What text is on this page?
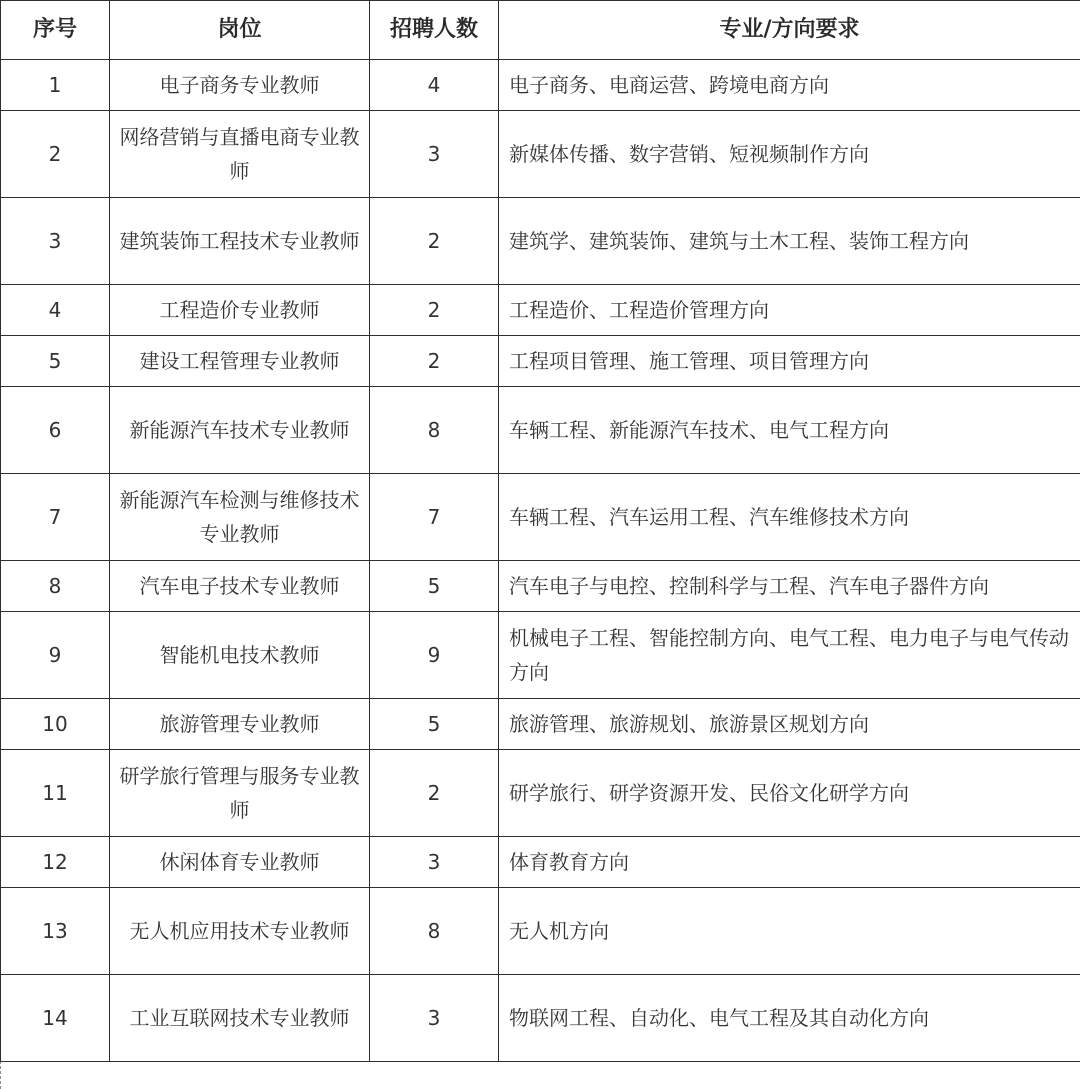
序号	岗位	招聘人数	专业/方向要求
1	电子商务专业教师	4	电子商务、电商运营、跨境电商方向
2	网络营销与直播电商专业教师	3	新媒体传播、数字营销、短视频制作方向
3	建筑装饰工程技术专业教师	2	建筑学、建筑装饰、建筑与土木工程、装饰工程方向
4	工程造价专业教师	2	工程造价、工程造价管理方向
5	建设工程管理专业教师	2	工程项目管理、施工管理、项目管理方向
6	新能源汽车技术专业教师	8	车辆工程、新能源汽车技术、电气工程方向
7	新能源汽车检测与维修技术专业教师	7	车辆工程、汽车运用工程、汽车维修技术方向
8	汽车电子技术专业教师	5	汽车电子与电控、控制科学与工程、汽车电子器件方向
9	智能机电技术教师	9	机械电子工程、智能控制方向、电气工程、电力电子与电气传动方向
10	旅游管理专业教师	5	旅游管理、旅游规划、旅游景区规划方向
11	研学旅行管理与服务专业教师	2	研学旅行、研学资源开发、民俗文化研学方向
12	休闲体育专业教师	3	体育教育方向
13	无人机应用技术专业教师	8	无人机方向
14	工业互联网技术专业教师	3	物联网工程、自动化、电气工程及其自动化方向
